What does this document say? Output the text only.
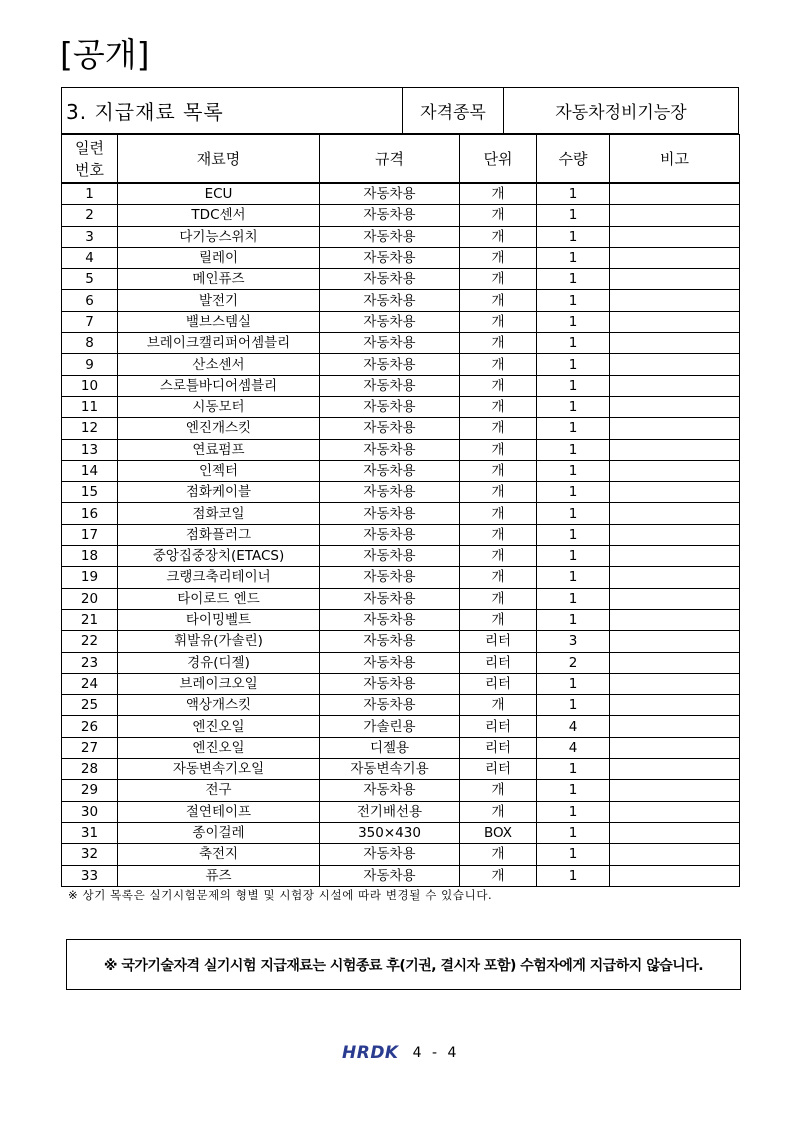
[공개]
3. 지급재료 목록	자격종목	자동차정비기능장
일련
번호	재료명	규격	단위	수량	비고
1	ECU	자동차용	개	1	
2	TDC센서	자동차용	개	1	
3	다기능스위치	자동차용	개	1	
4	릴레이	자동차용	개	1	
5	메인퓨즈	자동차용	개	1	
6	발전기	자동차용	개	1	
7	밸브스템실	자동차용	개	1	
8	브레이크캘리퍼어셈블리	자동차용	개	1	
9	산소센서	자동차용	개	1	
10	스로틀바디어셈블리	자동차용	개	1	
11	시동모터	자동차용	개	1	
12	엔진개스킷	자동차용	개	1	
13	연료펌프	자동차용	개	1	
14	인젝터	자동차용	개	1	
15	점화케이블	자동차용	개	1	
16	점화코일	자동차용	개	1	
17	점화플러그	자동차용	개	1	
18	중앙집중장치(ETACS)	자동차용	개	1	
19	크랭크축리테이너	자동차용	개	1	
20	타이로드 엔드	자동차용	개	1	
21	타이밍벨트	자동차용	개	1	
22	휘발유(가솔린)	자동차용	리터	3	
23	경유(디젤)	자동차용	리터	2	
24	브레이크오일	자동차용	리터	1	
25	액상개스킷	자동차용	개	1	
26	엔진오일	가솔린용	리터	4	
27	엔진오일	디젤용	리터	4	
28	자동변속기오일	자동변속기용	리터	1	
29	전구	자동차용	개	1	
30	절연테이프	전기배선용	개	1	
31	종이걸레	350×430	BOX	1	
32	축전지	자동차용	개	1	
33	퓨즈	자동차용	개	1	
※ 상기 목록은 실기시험문제의 형별 및 시험장 시설에 따라 변경될 수 있습니다.
※ 국가기술자격 실기시험 지급재료는 시험종료 후(기권, 결시자 포함) 수험자에게 지급하지 않습니다.
HRDK 4 - 4
